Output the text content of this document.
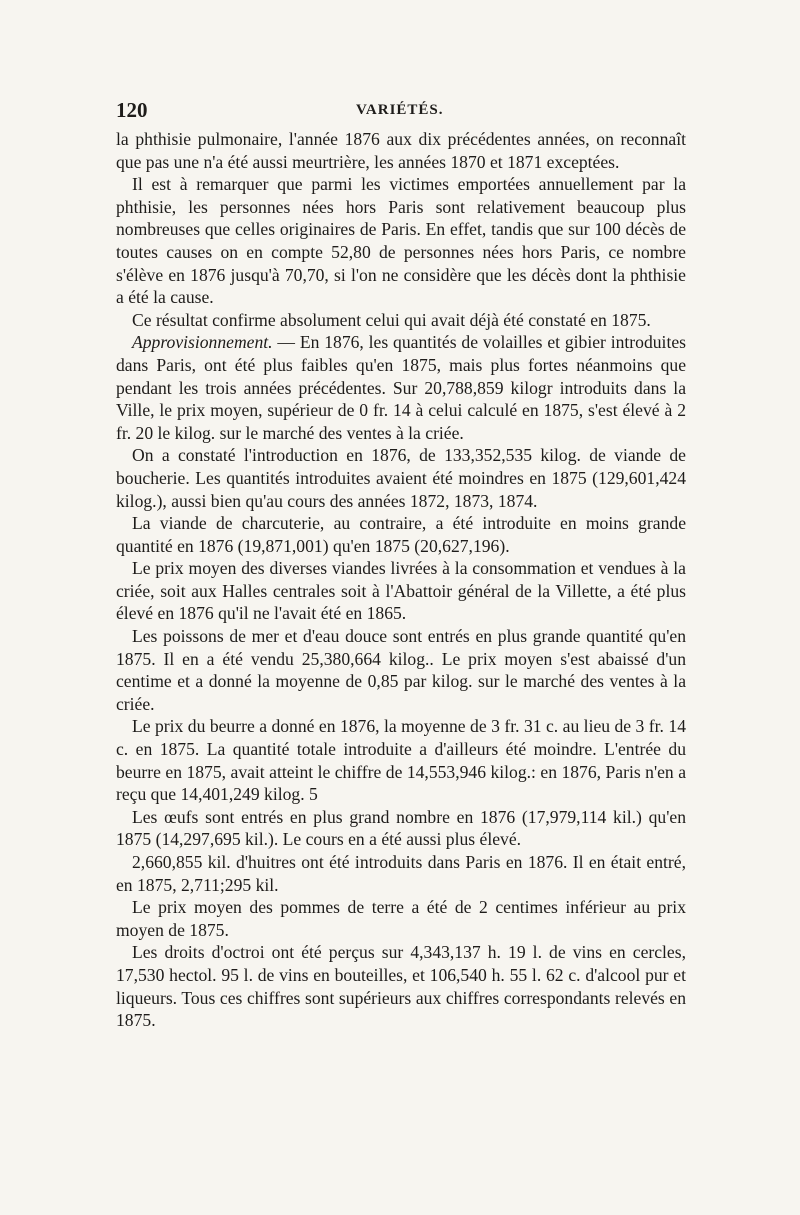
120	VARIÉTÉS.

la phthisie pulmonaire, l'année 1876 aux dix précédentes années, on reconnaît que pas une n'a été aussi meurtrière, les années 1870 et 1871 exceptées.

Il est à remarquer que parmi les victimes emportées annuellement par la phthisie, les personnes nées hors Paris sont relativement beaucoup plus nombreuses que celles originaires de Paris. En effet, tandis que sur 100 décès de toutes causes on en compte 52,80 de personnes nées hors Paris, ce nombre s'élève en 1876 jusqu'à 70,70, si l'on ne considère que les décès dont la phthisie a été la cause.

Ce résultat confirme absolument celui qui avait déjà été constaté en 1875.

Approvisionnement. — En 1876, les quantités de volailles et gibier introduites dans Paris, ont été plus faibles qu'en 1875, mais plus fortes néanmoins que pendant les trois années précédentes. Sur 20,788,859 kilogr introduits dans la Ville, le prix moyen, supérieur de 0 fr. 14 à celui calculé en 1875, s'est élevé à 2 fr. 20 le kilog. sur le marché des ventes à la criée.

On a constaté l'introduction en 1876, de 133,352,535 kilog. de viande de boucherie. Les quantités introduites avaient été moindres en 1875 (129,601,424 kilog.), aussi bien qu'au cours des années 1872, 1873, 1874.

La viande de charcuterie, au contraire, a été introduite en moins grande quantité en 1876 (19,871,001) qu'en 1875 (20,627,196).

Le prix moyen des diverses viandes livrées à la consommation et vendues à la criée, soit aux Halles centrales soit à l'Abattoir général de la Villette, a été plus élevé en 1876 qu'il ne l'avait été en 1865.

Les poissons de mer et d'eau douce sont entrés en plus grande quantité qu'en 1875. Il en a été vendu 25,380,664 kilog.. Le prix moyen s'est abaissé d'un centime et a donné la moyenne de 0,85 par kilog. sur le marché des ventes à la criée.

Le prix du beurre a donné en 1876, la moyenne de 3 fr. 31 c. au lieu de 3 fr. 14 c. en 1875. La quantité totale introduite a d'ailleurs été moindre. L'entrée du beurre en 1875, avait atteint le chiffre de 14,553,946 kilog.: en 1876, Paris n'en a reçu que 14,401,249 kilog. 5

Les œufs sont entrés en plus grand nombre en 1876 (17,979,114 kil.) qu'en 1875 (14,297,695 kil.). Le cours en a été aussi plus élevé.

2,660,855 kil. d'huitres ont été introduits dans Paris en 1876. Il en était entré, en 1875, 2,711;295 kil.

Le prix moyen des pommes de terre a été de 2 centimes inférieur au prix moyen de 1875.

Les droits d'octroi ont été perçus sur 4,343,137 h. 19 l. de vins en cercles, 17,530 hectol. 95 l. de vins en bouteilles, et 106,540 h. 55 l. 62 c. d'alcool pur et liqueurs. Tous ces chiffres sont supérieurs aux chiffres correspondants relevés en 1875.
